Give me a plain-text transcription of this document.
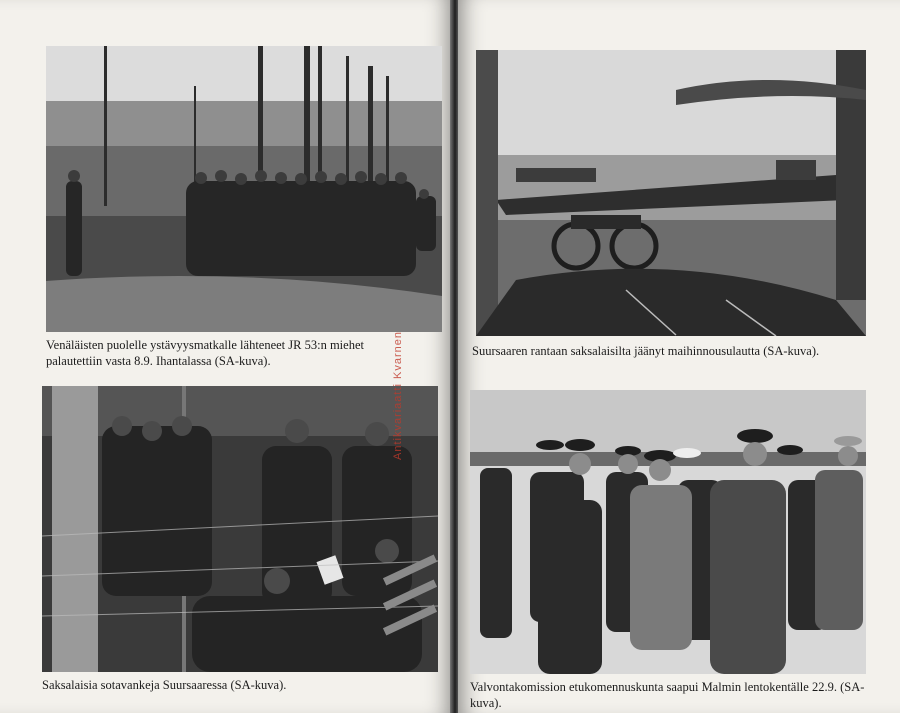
Venäläisten puolelle ystävyysmatkalle lähteneet JR 53:n miehet palautettiin vasta 8.9. Ihantalassa (SA-kuva).

Saksalaisia sotavankeja Suursaaressa (SA-kuva).

Antikvariaatti Kvarnen	Suursaaren rantaan saksalaisilta jäänyt maihinnousulautta (SA-kuva).

Valvontakomission etukomennuskunta saapui Malmin lentokentälle 22.9. (SA-kuva).
